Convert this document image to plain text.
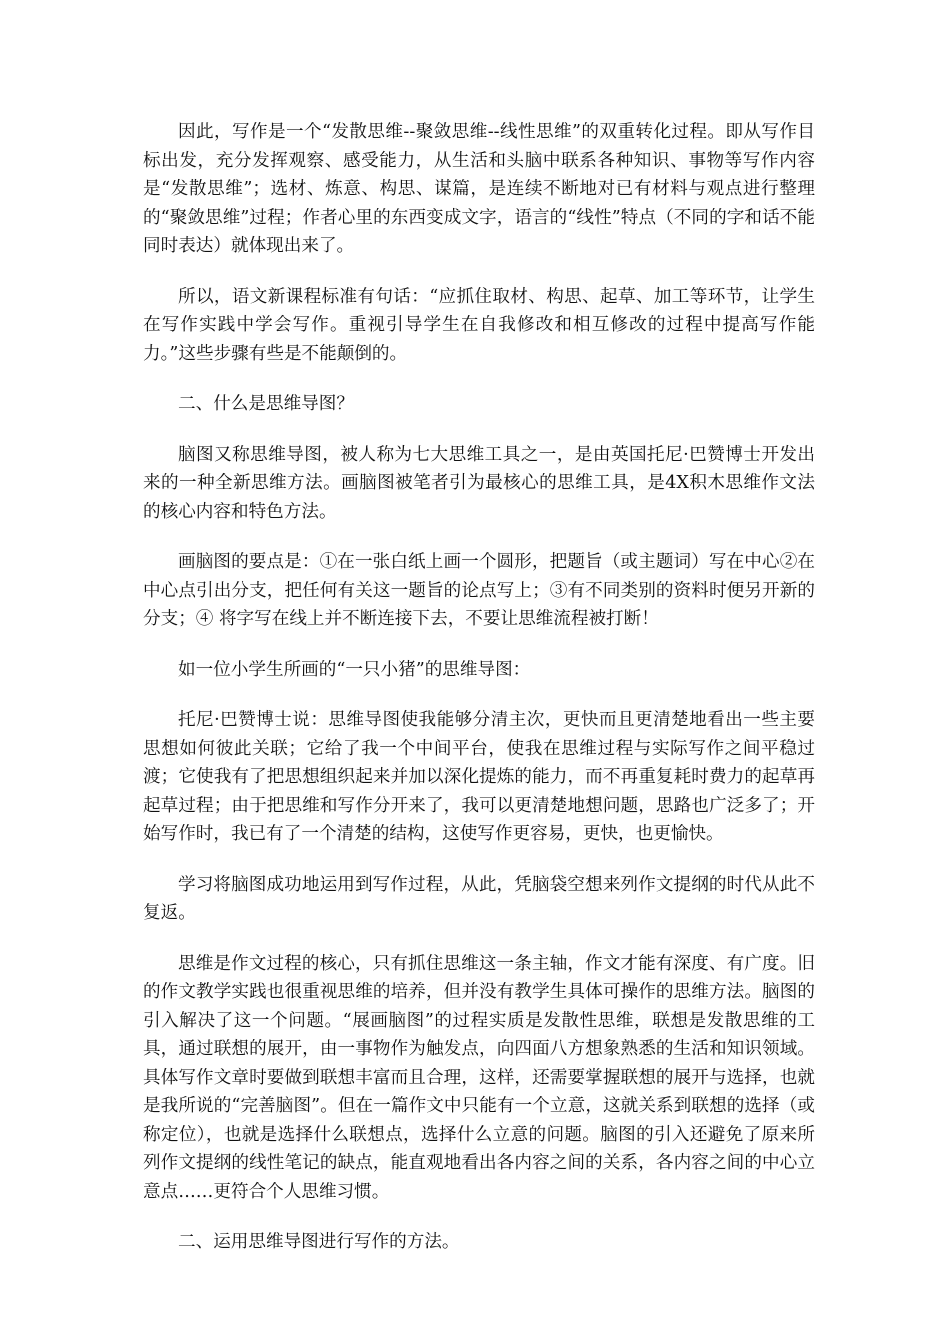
因此，写作是一个“发散思维--聚敛思维--线性思维”的双重转化过程。即从写作目标出发，充分发挥观察、感受能力，从生活和头脑中联系各种知识、事物等写作内容是“发散思维”；选材、炼意、构思、谋篇，是连续不断地对已有材料与观点进行整理的“聚敛思维”过程；作者心里的东西变成文字，语言的“线性”特点（不同的字和话不能同时表达）就体现出来了。

所以，语文新课程标准有句话：“应抓住取材、构思、起草、加工等环节，让学生在写作实践中学会写作。重视引导学生在自我修改和相互修改的过程中提高写作能力。”这些步骤有些是不能颠倒的。

二、什么是思维导图？

脑图又称思维导图，被人称为七大思维工具之一，是由英国托尼·巴赞博士开发出来的一种全新思维方法。画脑图被笔者引为最核心的思维工具，是4X积木思维作文法的核心内容和特色方法。

画脑图的要点是：①在一张白纸上画一个圆形，把题旨（或主题词）写在中心②在中心点引出分支，把任何有关这一题旨的论点写上；③有不同类别的资料时便另开新的分支；④ 将字写在线上并不断连接下去，不要让思维流程被打断！

如一位小学生所画的“一只小猪”的思维导图：

托尼·巴赞博士说：思维导图使我能够分清主次，更快而且更清楚地看出一些主要思想如何彼此关联；它给了我一个中间平台，使我在思维过程与实际写作之间平稳过渡；它使我有了把思想组织起来并加以深化提炼的能力，而不再重复耗时费力的起草再起草过程；由于把思维和写作分开来了，我可以更清楚地想问题，思路也广泛多了；开始写作时，我已有了一个清楚的结构，这使写作更容易，更快，也更愉快。

学习将脑图成功地运用到写作过程，从此，凭脑袋空想来列作文提纲的时代从此不复返。

思维是作文过程的核心，只有抓住思维这一条主轴，作文才能有深度、有广度。旧的作文教学实践也很重视思维的培养，但并没有教学生具体可操作的思维方法。脑图的引入解决了这一个问题。“展画脑图”的过程实质是发散性思维，联想是发散思维的工具，通过联想的展开，由一事物作为触发点，向四面八方想象熟悉的生活和知识领域。具体写作文章时要做到联想丰富而且合理，这样，还需要掌握联想的展开与选择，也就是我所说的“完善脑图”。但在一篇作文中只能有一个立意，这就关系到联想的选择（或称定位），也就是选择什么联想点，选择什么立意的问题。脑图的引入还避免了原来所列作文提纲的线性笔记的缺点，能直观地看出各内容之间的关系，各内容之间的中心立意点……更符合个人思维习惯。

二、运用思维导图进行写作的方法。
